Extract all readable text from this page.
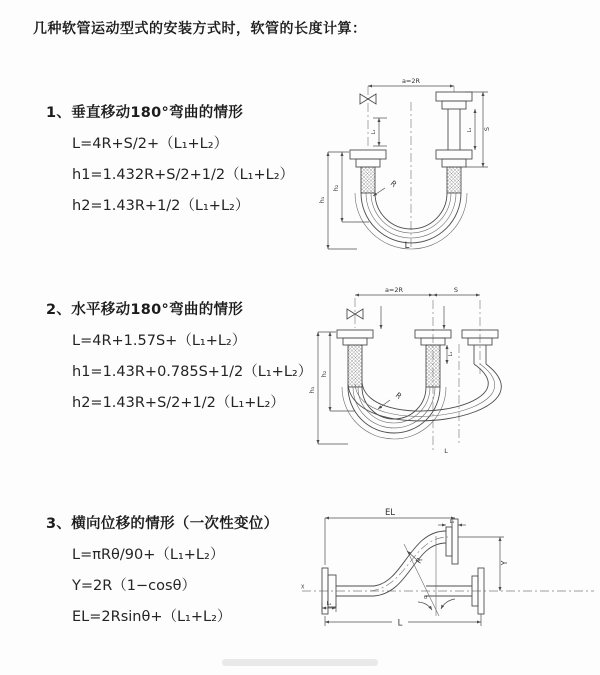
几种软管运动型式的安装方式时，软管的长度计算：
1、垂直移动180°弯曲的情形
L=4R+S/2+（L₁+L₂）
h1=1.432R+S/2+1/2（L₁+L₂）
h2=1.43R+1/2（L₁+L₂）
2、水平移动180°弯曲的情形
L=4R+1.57S+（L₁+L₂）
h1=1.43R+0.785S+1/2（L₁+L₂）
h2=1.43R+S/2+1/2（L₁+L₂）
3、横向位移的情形（一次性变位）
L=πRθ/90+（L₁+L₂）
Y=2R（1−cosθ）
EL=2Rsinθ+（L₁+L₂）
a=2R
R
h₁
h₂
L₁
S
L₁
L
a=2R	S
R
h₁
h₂
L₁
L
X
EL
L₁
Y
θ
R
L₁
L
